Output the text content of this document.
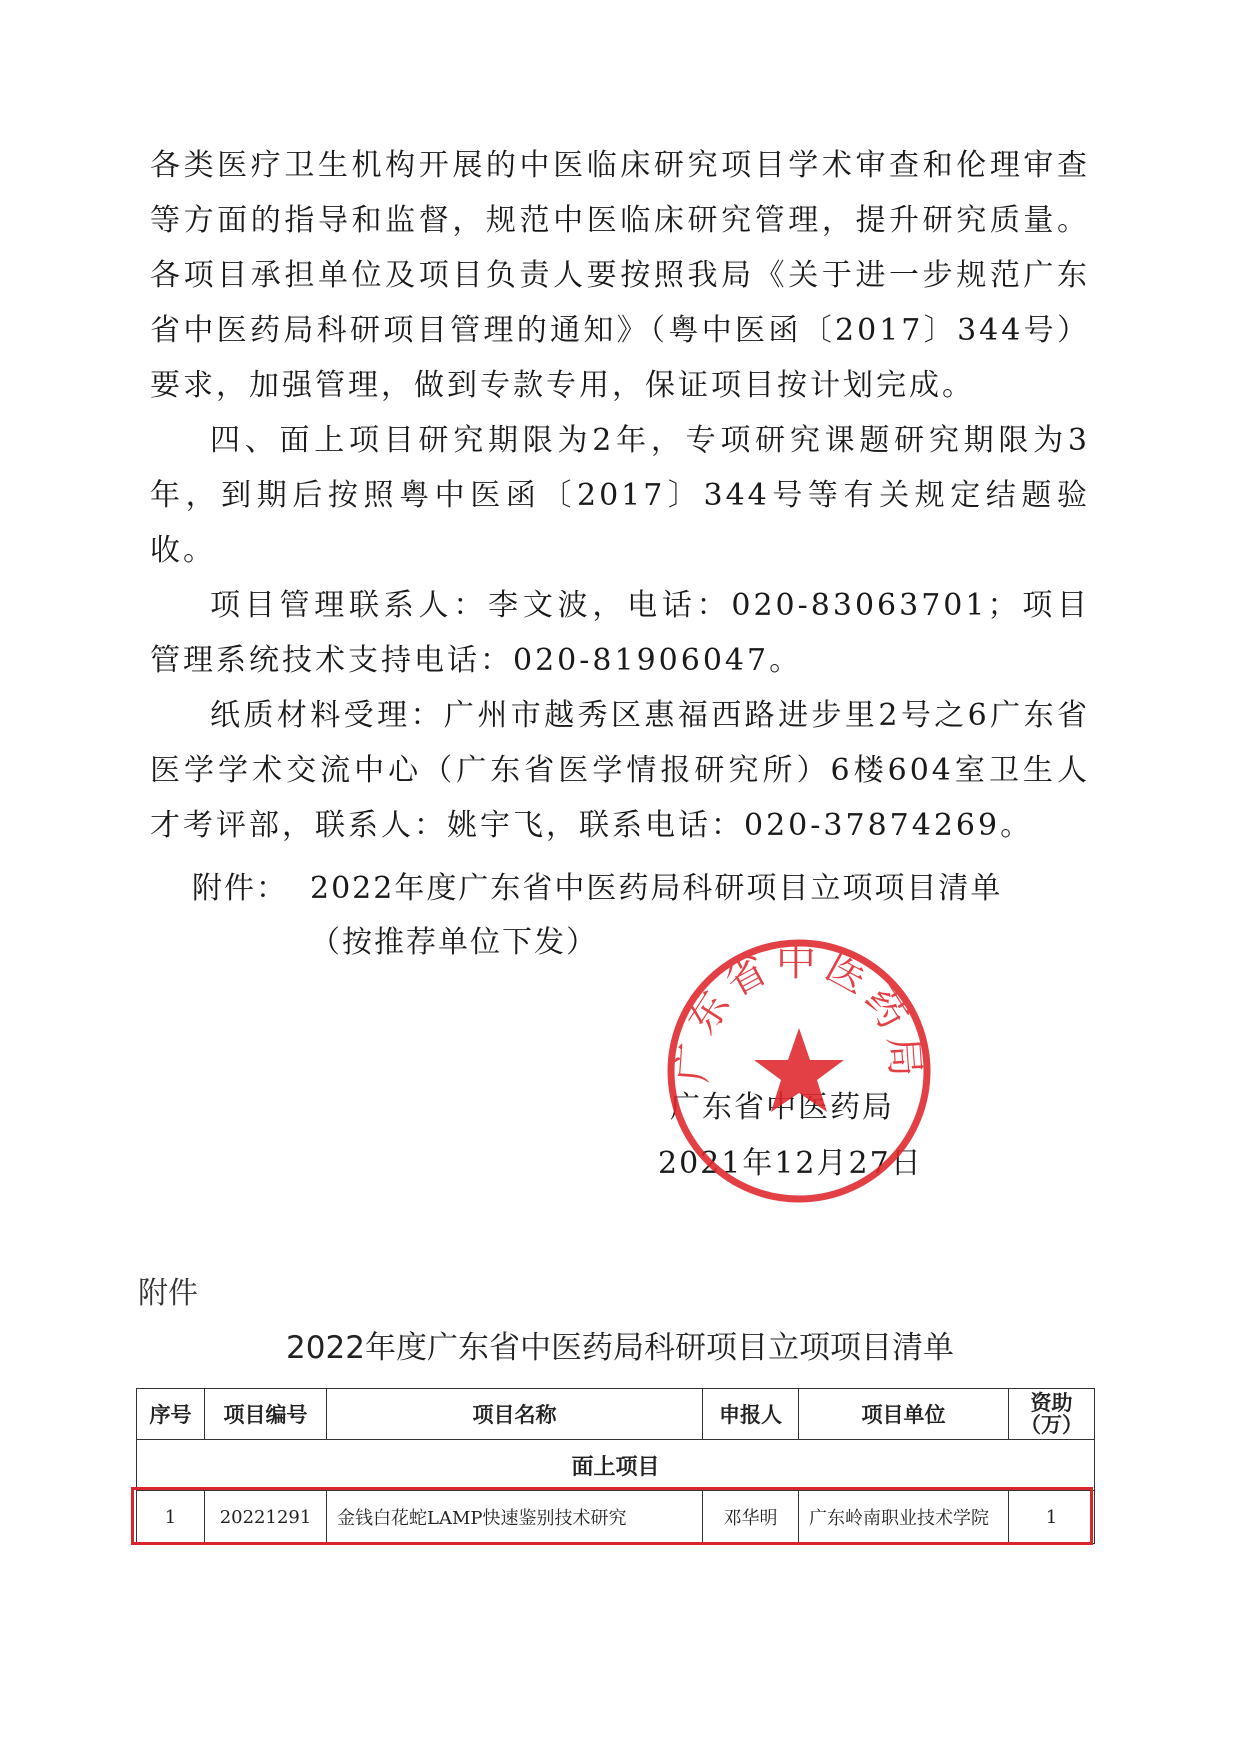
各类医疗卫生机构开展的中医临床研究项目学术审查和伦理审查等方面的指导和监督，规范中医临床研究管理，提升研究质量。各项目承担单位及项目负责人要按照我局《关于进一步规范广东省中医药局科研项目管理的通知》（粤中医函〔2017〕344号）要求，加强管理，做到专款专用，保证项目按计划完成。

四、面上项目研究期限为2年，专项研究课题研究期限为3年，到期后按照粤中医函〔2017〕344号等有关规定结题验收。

项目管理联系人：李文波，电话：020-83063701；项目管理系统技术支持电话：020-81906047。

纸质材料受理：广州市越秀区惠福西路进步里2号之6广东省医学学术交流中心（广东省医学情报研究所）6楼604室卫生人才考评部，联系人：姚宇飞，联系电话：020-37874269。

附件： 2022年度广东省中医药局科研项目立项项目清单（按推荐单位下发）
广东省中医药局
2021年12月27日
广东省中医药局
附件
2022年度广东省中医药局科研项目立项项目清单
序号	项目编号	项目名称	申报人	项目单位	资助（万）
面上项目					
1	20221291	金钱白花蛇LAMP快速鉴别技术研究	邓华明	广东岭南职业技术学院	1
